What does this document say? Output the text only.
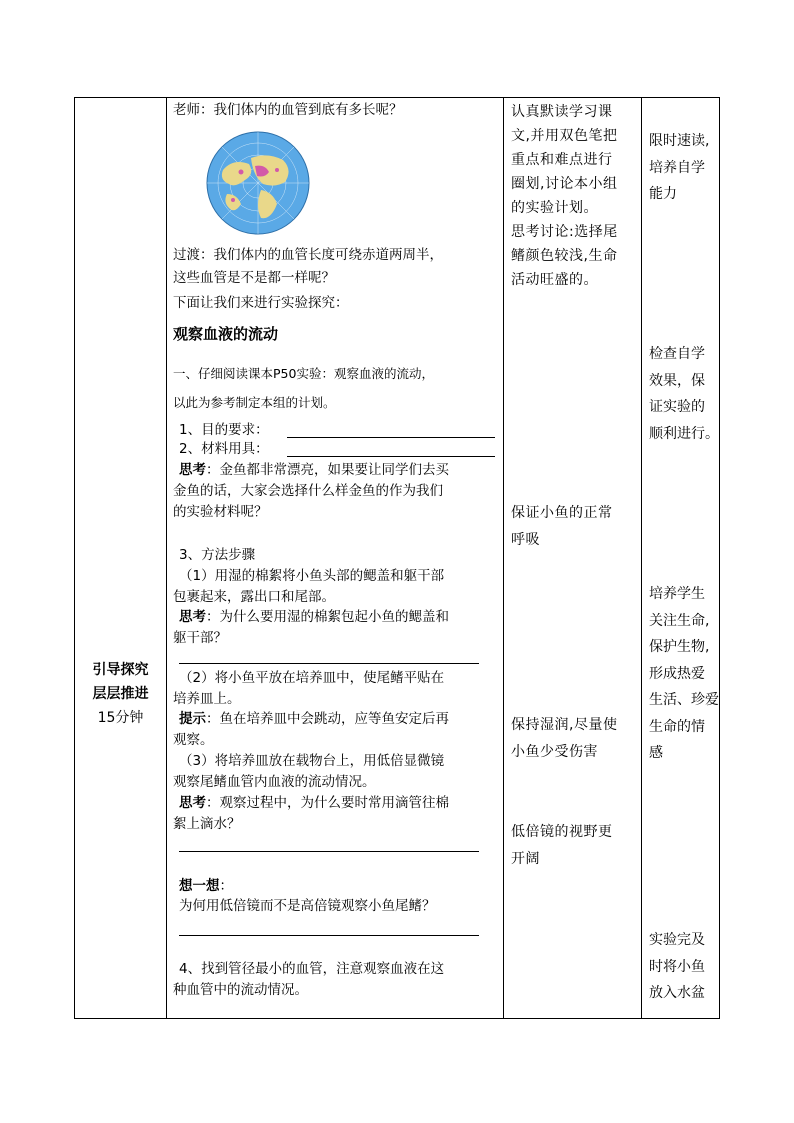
引导探究
层层推进
15分钟
老师：我们体内的血管到底有多长呢？
过渡：我们体内的血管长度可绕赤道两周半，
这些血管是不是都一样呢？
下面让我们来进行实验探究：
观察血液的流动
一、仔细阅读课本P50实验：观察血液的流动，
以此为参考制定本组的计划。
1、目的要求：
2、材料用具：
思考：金鱼都非常漂亮，如果要让同学们去买
金鱼的话，大家会选择什么样金鱼的作为我们
的实验材料呢？
3、方法步骤
（1）用湿的棉絮将小鱼头部的鳃盖和躯干部
包裹起来，露出口和尾部。
思考：为什么要用湿的棉絮包起小鱼的鳃盖和
躯干部？
（2）将小鱼平放在培养皿中，使尾鳍平贴在
培养皿上。
提示：鱼在培养皿中会跳动，应等鱼安定后再
观察。
（3）将培养皿放在载物台上，用低倍显微镜
观察尾鳍血管内血液的流动情况。
思考：观察过程中，为什么要时常用滴管往棉
絮上滴水？
想一想：
为何用低倍镜而不是高倍镜观察小鱼尾鳍？
4、找到管径最小的血管，注意观察血液在这
种血管中的流动情况。
认真默读学习课
文,并用双色笔把
重点和难点进行
圈划,讨论本小组
的实验计划。
思考讨论:选择尾
鳍颜色较浅,生命
活动旺盛的。
保证小鱼的正常
呼吸
保持湿润,尽量使
小鱼少受伤害
低倍镜的视野更
开阔
限时速读,
培养自学
能力
检查自学
效果，保
证实验的
顺利进行。
培养学生
关注生命,
保护生物,
形成热爱
生活、珍爱
生命的情
感
实验完及
时将小鱼
放入水盆
